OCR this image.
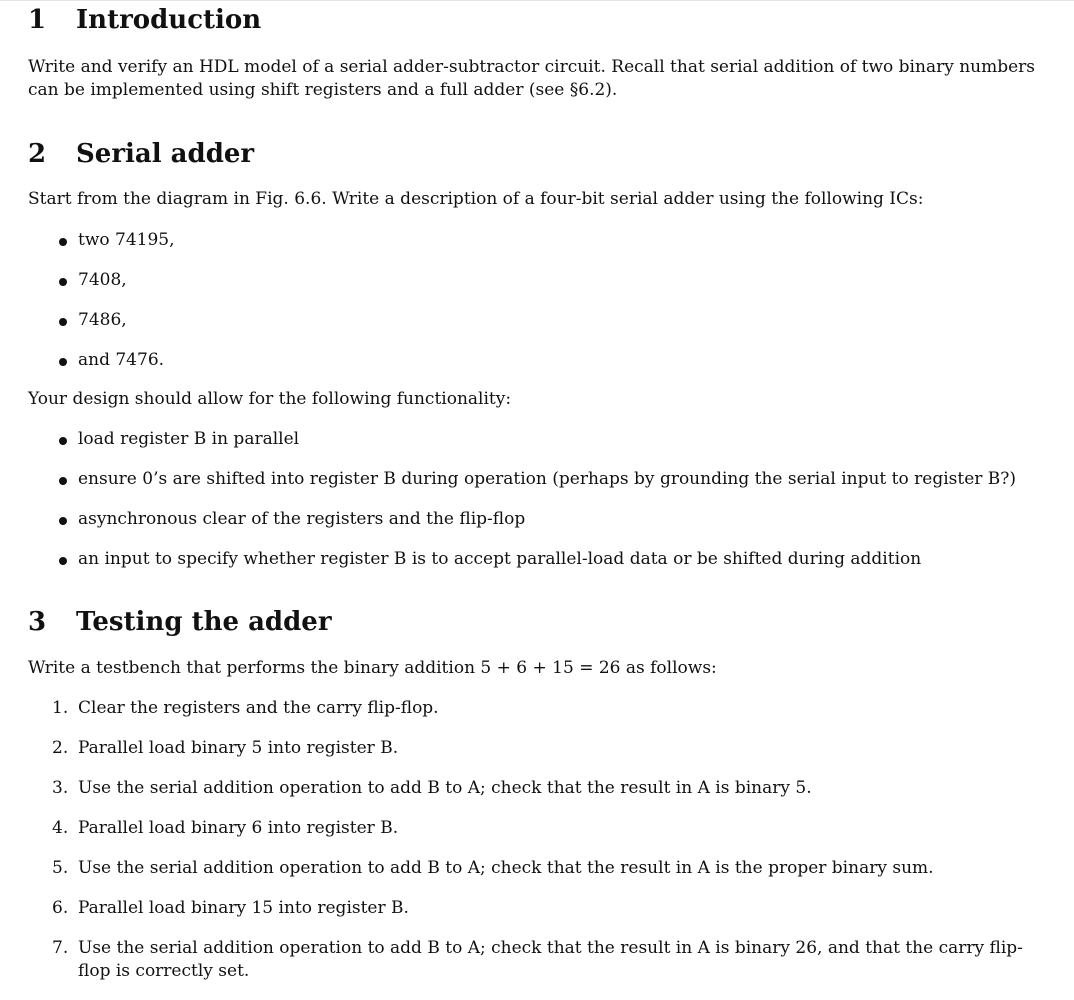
1	Introduction

Write and verify an HDL model of a serial adder-subtractor circuit. Recall that serial addition of two binary numbers can be implemented using shift registers and a full adder (see §6.2).

2	Serial adder

Start from the diagram in Fig. 6.6. Write a description of a four-bit serial adder using the following ICs:

two 74195,
7408,
7486,
and 7476.

Your design should allow for the following functionality:

load register B in parallel
ensure 0’s are shifted into register B during operation (perhaps by grounding the serial input to register B?)
asynchronous clear of the registers and the flip-flop
an input to specify whether register B is to accept parallel-load data or be shifted during addition
3	Testing the adder

Write a testbench that performs the binary addition 5 + 6 + 15 = 26 as follows:

1. Clear the registers and the carry flip-flop.
2. Parallel load binary 5 into register B.
3. Use the serial addition operation to add B to A; check that the result in A is binary 5.
4. Parallel load binary 6 into register B.
5. Use the serial addition operation to add B to A; check that the result in A is the proper binary sum.
6. Parallel load binary 15 into register B.
7. Use the serial addition operation to add B to A; check that the result in A is binary 26, and that the carry flip-flop is correctly set.
